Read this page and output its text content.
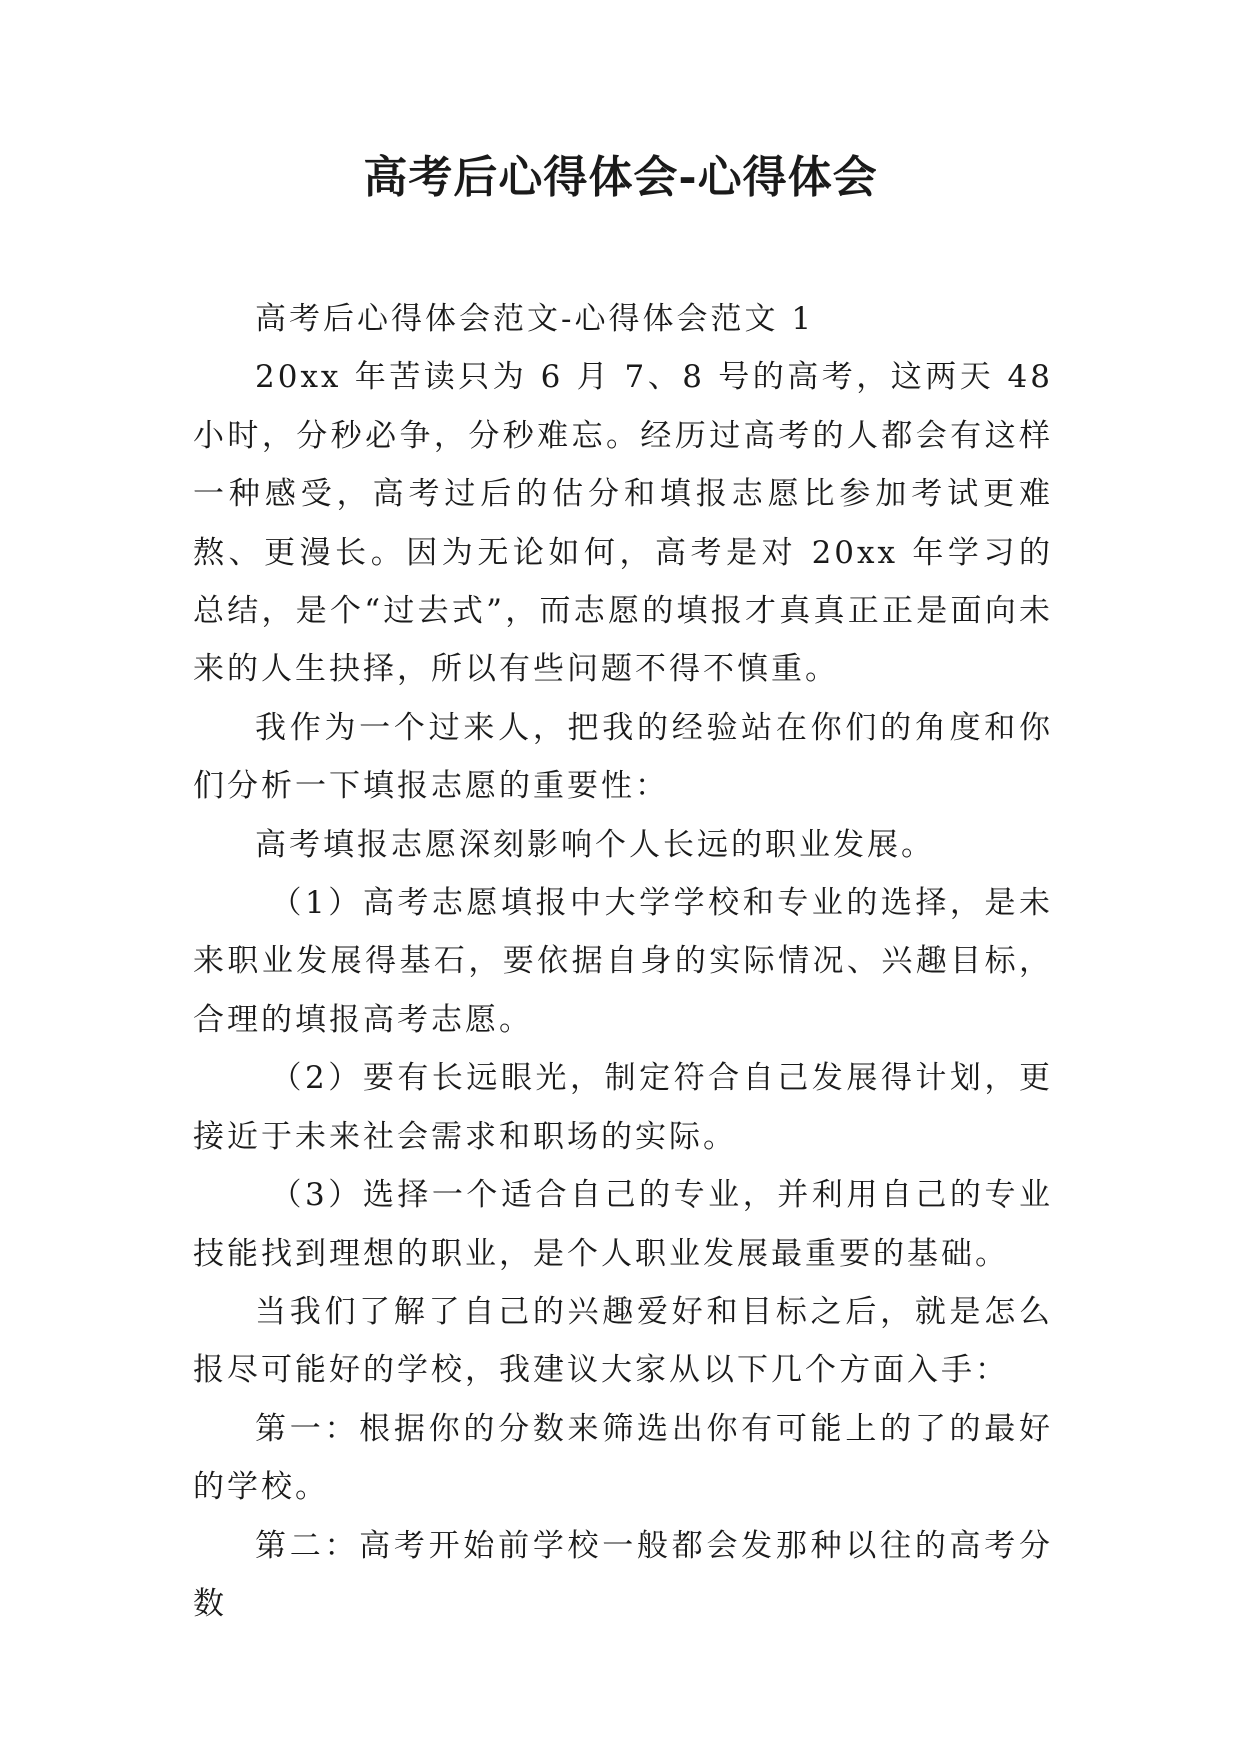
高考后心得体会-心得体会

高考后心得体会范文-心得体会范文 1

20xx 年苦读只为 6 月 7、8 号的高考，这两天 48 小时，分秒必争，分秒难忘。经历过高考的人都会有这样一种感受，高考过后的估分和填报志愿比参加考试更难熬、更漫长。因为无论如何，高考是对 20xx 年学习的总结，是个“过去式”，而志愿的填报才真真正正是面向未来的人生抉择，所以有些问题不得不慎重。

我作为一个过来人，把我的经验站在你们的角度和你们分析一下填报志愿的重要性：

高考填报志愿深刻影响个人长远的职业发展。

（1）高考志愿填报中大学学校和专业的选择，是未来职业发展得基石，要依据自身的实际情况、兴趣目标，合理的填报高考志愿。

（2）要有长远眼光，制定符合自己发展得计划，更接近于未来社会需求和职场的实际。

（3）选择一个适合自己的专业，并利用自己的专业技能找到理想的职业，是个人职业发展最重要的基础。

当我们了解了自己的兴趣爱好和目标之后，就是怎么报尽可能好的学校，我建议大家从以下几个方面入手：

第一：根据你的分数来筛选出你有可能上的了的最好的学校。

第二：高考开始前学校一般都会发那种以往的高考分数
